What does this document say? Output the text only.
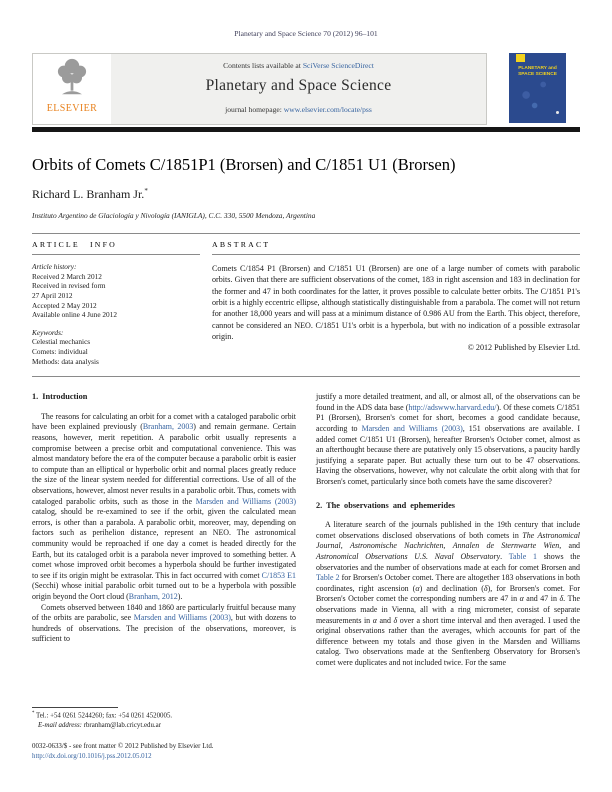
Planetary and Space Science 70 (2012) 96–101
ELSEVIER
Contents lists available at SciVerse ScienceDirect
Planetary and Space Science
journal homepage: www.elsevier.com/locate/pss
PLANETARY and
SPACE SCIENCE
Orbits of Comets C/1851P1 (Brorsen) and C/1851 U1 (Brorsen)
Richard L. Branham Jr.*
Instituto Argentino de Glaciología y Nivología (IANIGLA), C.C. 330, 5500 Mendoza, Argentina
ARTICLE INFO
Article history:
Received 2 March 2012
Received in revised form
27 April 2012
Accepted 2 May 2012
Available online 4 June 2012
Keywords:
Celestial mechanics
Comets: individual
Methods: data analysis
ABSTRACT
Comets C/1854 P1 (Brorsen) and C/1851 U1 (Brorsen) are one of a large number of comets with parabolic orbits. Given that there are sufficient observations of the comet, 183 in right ascension and 183 in declination for the former and 47 in both coordinates for the latter, it proves possible to calculate better orbits. The C/1851 P1's orbit is a highly eccentric ellipse, although statistically distinguishable from a parabola. The comet will not return for another 18,000 years and will pass at a minimum distance of 0.986 AU from the Earth. This object, therefore, cannot be considered an NEO. C/1851 U1's orbit is a hyperbola, but with no indication of a possible extrasolar origin.
© 2012 Published by Elsevier Ltd.
1. Introduction

The reasons for calculating an orbit for a comet with a cataloged parabolic orbit have been explained previously (Branham, 2003) and remain germane. Certain reasons, however, merit repetition. A parabolic orbit usually represents a compromise between a precise orbit and computational convenience. This was almost mandatory before the era of the computer because a parabolic orbit is easier to compute than an elliptical or hyperbolic orbit and normal places greatly reduce the size of the linear system needed for differential corrections. Use of all of the observations, however, almost never results in a parabolic orbit. Thus, comets with cataloged parabolic orbits, such as those in the Marsden and Williams (2003) catalog, should be re-examined to see if the orbit, given the calculated mean errors, is other than a parabola. A parabolic orbit, moreover, may, depending on factors such as perihelion distance, represent an NEO. The astronomical community would be reproached if one day a comet is headed directly for the Earth, but its cataloged orbit is a parabola never improved to something better. A comet whose improved orbit becomes a hyperbola should be further investigated to see if its origin might be extrasolar. This in fact occurred with comet C/1853 E1 (Secchi) whose initial parabolic orbit turned out to be a hyperbola with possible origin beyond the Oort cloud (Branham, 2012).

Comets observed between 1840 and 1860 are particularly fruitful because many of the orbits are parabolic, see Marsden and Williams (2003), but with dozens to hundreds of observations. The precision of the observations, moreover, is sufficient to

justify a more detailed treatment, and all, or almost all, of the observations can be found in the ADS data base (http://adswww.harvard.edu/). Of these comets C/1851 P1 (Brorsen), Brorsen's comet for short, becomes a good candidate because, according to Marsden and Williams (2003), 151 observations are available. I added comet C/1851 U1 (Brorsen), hereafter Brorsen's October comet, almost as an afterthought because there are putatively only 15 observations, a paucity hardly justifying a separate paper. But actually these turn out to be 47 observations. Having the observations, however, why not calculate the orbit along with that for Brorsen's comet, particularly since both comets have the same discoverer?

2. The observations and ephemerides

A literature search of the journals published in the 19th century that include comet observations disclosed observations of both comets in The Astronomical Journal, Astronomische Nachrichten, Annalen de Sternwarte Wien, and Astronomical Observations U.S. Naval Observatory. Table 1 shows the observatories and the number of observations made at each for comet Brorsen and Table 2 for Brorsen's October comet. There are altogether 183 observations in both coordinates, right ascension (α) and declination (δ), for Brorsen's comet. For Brorsen's October comet the corresponding numbers are 47 in α and 47 in δ. The observations made in Vienna, all with a ring micrometer, consist of separate measurements in α and δ over a short time interval and then averaged. I used the original observations rather than the averages, which accounts for part of the difference between my totals and those given in the Marsden and Williams catalog. Two observations made at the Senftenberg Observatory for Brorsen's comet were duplicates and not included twice. For the same

* Tel.: +54 0261 5244260; fax: +54 0261 4520005.
E-mail address: rbranham@lab.cricyt.edu.ar
0032-0633/$ - see front matter © 2012 Published by Elsevier Ltd.
http://dx.doi.org/10.1016/j.pss.2012.05.012
